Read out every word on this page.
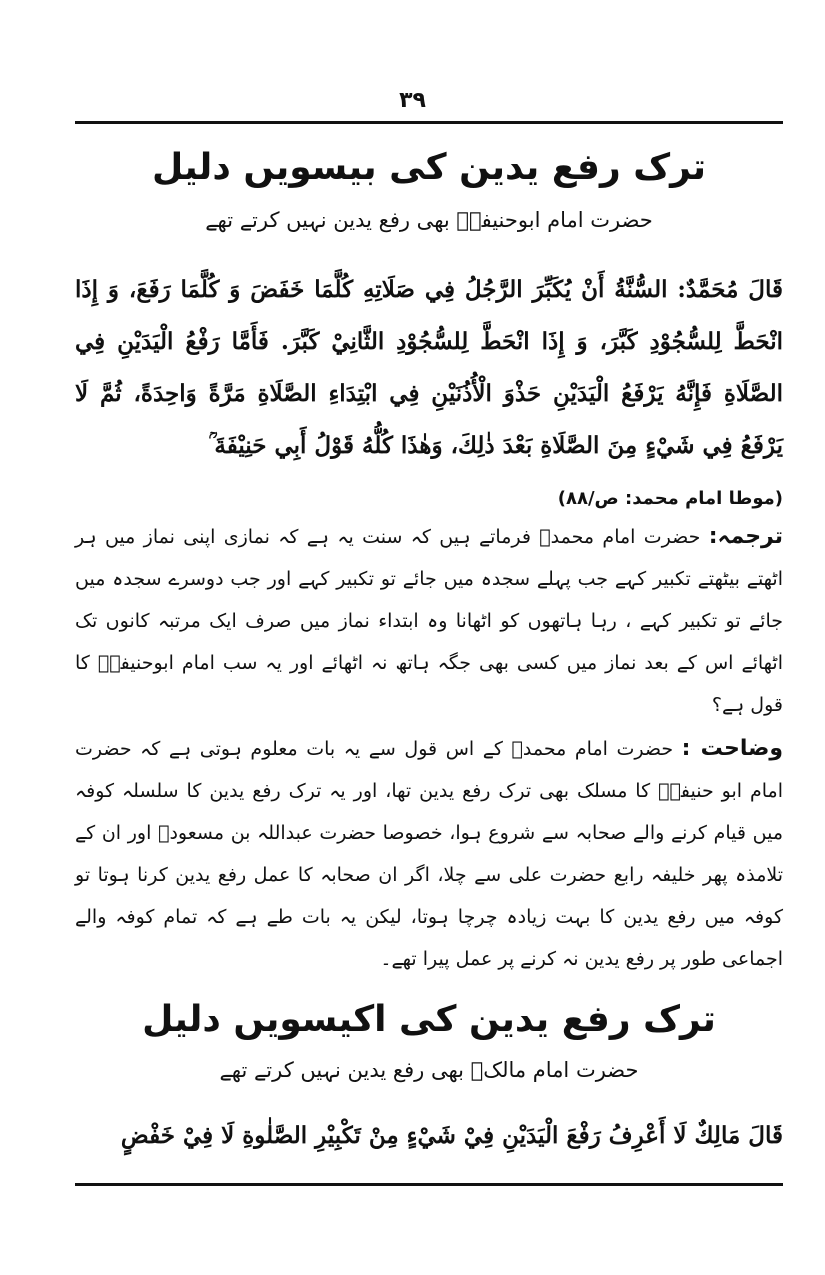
۳۹
ترک رفع یدین کی بیسویں دلیل
حضرت امام ابوحنیفہؒ بھی رفع یدین نہیں کرتے تھے
قَالَ مُحَمَّدٌ: السُّنَّةُ أَنْ يُكَبِّرَ الرَّجُلُ فِي صَلَاتِهِ كُلَّمَا خَفَضَ وَ كُلَّمَا رَفَعَ، وَ إِذَا انْحَطَّ لِلسُّجُوْدِ كَبَّرَ، وَ إِذَا انْحَطَّ لِلسُّجُوْدِ الثَّانِيْ كَبَّرَ. فَأَمَّا رَفْعُ الْيَدَيْنِ فِي الصَّلَاةِ فَإِنَّهُ يَرْفَعُ الْيَدَيْنِ حَذْوَ الْأُذُنَيْنِ فِي ابْتِدَاءِ الصَّلَاةِ مَرَّةً وَاحِدَةً، ثُمَّ لَا يَرْفَعُ فِي شَيْءٍ مِنَ الصَّلَاةِ بَعْدَ ذٰلِكَ، وَهٰذَا كُلُّهُ قَوْلُ أَبِي حَنِيْفَةَ ؒ
(موطا امام محمد: ص/۸۸)
ترجمہ: حضرت امام محمدؒ فرماتے ہیں کہ سنت یہ ہے کہ نمازی اپنی نماز میں ہر اٹھتے بیٹھتے تکبیر کہے جب پہلے سجدہ میں جائے تو تکبیر کہے اور جب دوسرے سجدہ میں جائے تو تکبیر کہے ، رہا ہاتھوں کو اٹھانا وہ ابتداء نماز میں صرف ایک مرتبہ کانوں تک اٹھائے اس کے بعد نماز میں کسی بھی جگہ ہاتھ نہ اٹھائے اور یہ سب امام ابوحنیفہؒ کا قول ہے؟
وضاحت : حضرت امام محمدؒ کے اس قول سے یہ بات معلوم ہوتی ہے کہ حضرت امام ابو حنیفہؒ کا مسلک بھی ترک رفع یدین تھا، اور یہ ترک رفع یدین کا سلسلہ کوفہ میں قیام کرنے والے صحابہ سے شروع ہوا، خصوصا حضرت عبداللہ بن مسعودؓ اور ان کے تلامذہ پھر خلیفہ رابع حضرت علی سے چلا، اگر ان صحابہ کا عمل رفع یدین کرنا ہوتا تو کوفہ میں رفع یدین کا بہت زیادہ چرچا ہوتا، لیکن یہ بات طے ہے کہ تمام کوفہ والے اجماعی طور پر رفع یدین نہ کرنے پر عمل پیرا تھے۔
ترک رفع یدین کی اکیسویں دلیل
حضرت امام مالکؒ بھی رفع یدین نہیں کرتے تھے
قَالَ مَالِكٌ لَا أَعْرِفُ رَفْعَ الْيَدَيْنِ فِيْ شَيْءٍ مِنْ تَكْبِيْرِ الصَّلٰوةِ لَا فِيْ خَفْضٍ
